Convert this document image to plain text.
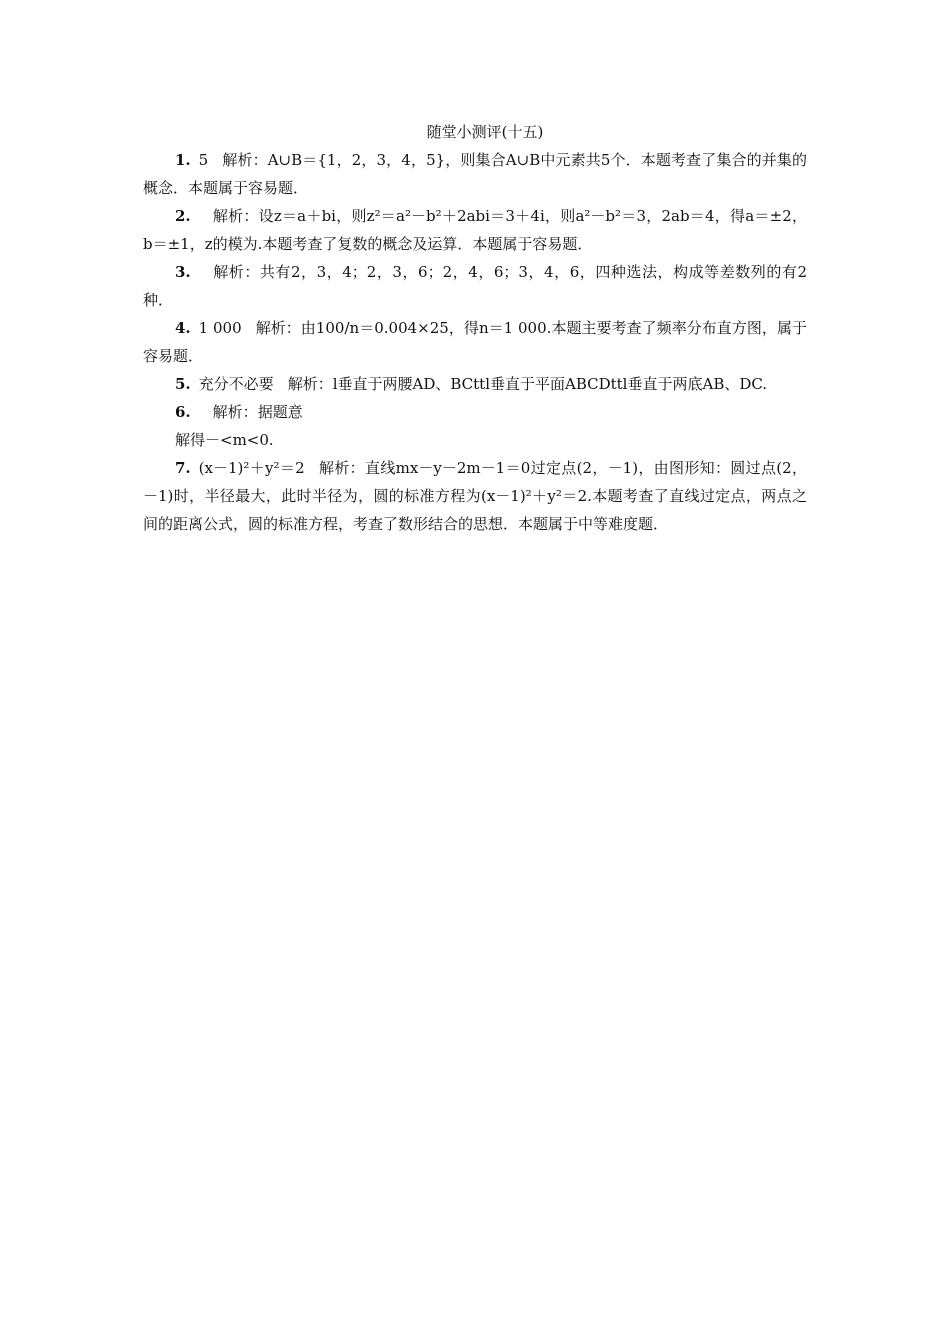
随堂小测评(十五)

1. 5 解析：A∪B＝{1，2，3，4，5}，则集合A∪B中元素共5个．本题考查了集合的并集的概念．本题属于容易题．

2. 解析：设z＝a＋bi，则z²＝a²－b²＋2abi＝3＋4i，则a²－b²＝3，2ab＝4，得a＝±2，b＝±1，z的模为.本题考查了复数的概念及运算．本题属于容易题．

3. 解析：共有2，3，4；2，3，6；2，4，6；3，4，6，四种选法，构成等差数列的有2种．

4. 1 000 解析：由100/n＝0.004×25，得n＝1 000.本题主要考查了频率分布直方图，属于容易题．

5. 充分不必要 解析：l垂直于两腰AD、BCttl垂直于平面ABCDttl垂直于两底AB、DC.

6. 解析：据题意

解得－<m<0.

7. (x－1)²＋y²＝2 解析：直线mx－y－2m－1＝0过定点(2，－1)，由图形知：圆过点(2，－1)时，半径最大，此时半径为，圆的标准方程为(x－1)²＋y²＝2.本题考查了直线过定点，两点之间的距离公式，圆的标准方程，考查了数形结合的思想．本题属于中等难度题．
